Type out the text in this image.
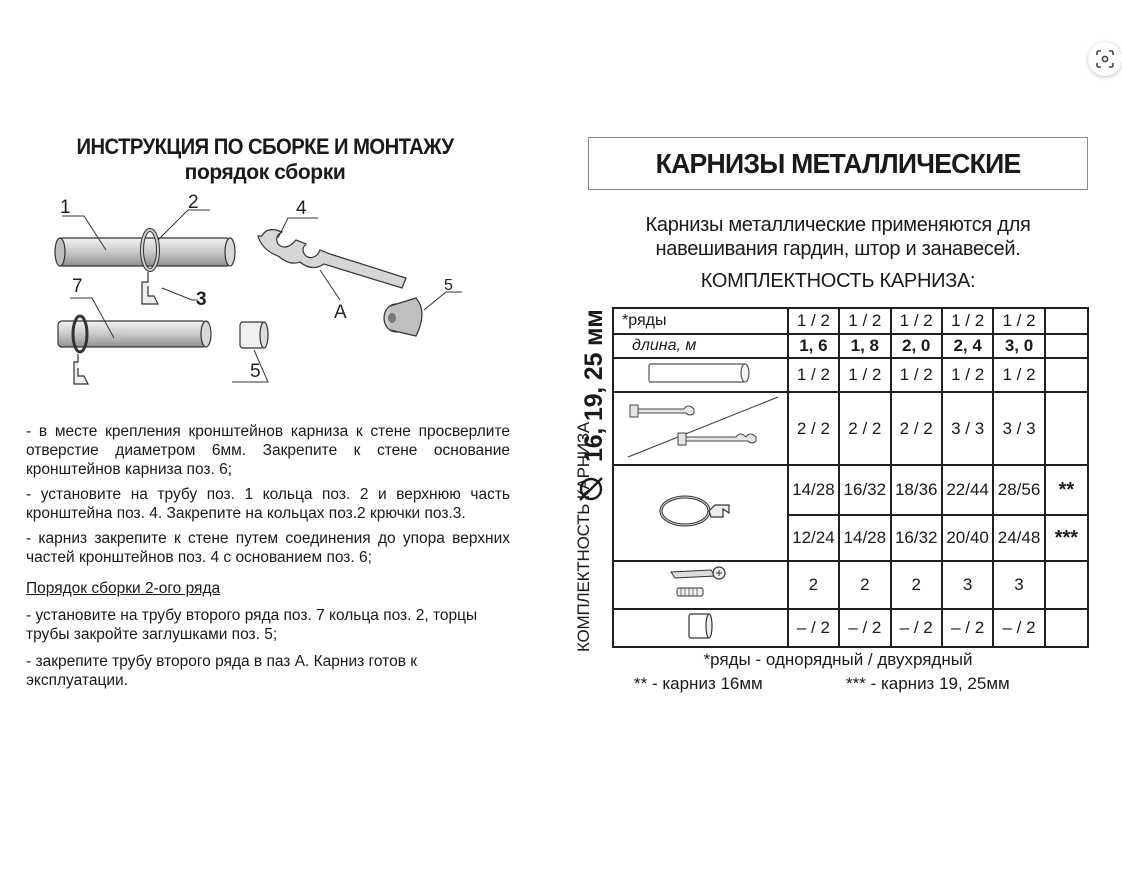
ИНСТРУКЦИЯ ПО СБОРКЕ И МОНТАЖУ
порядок сборки
1	2
3
4
А
5
7
5

- в месте крепления кронштейнов карниза к стене просверлите отверстие диаметром 6мм. Закрепите к стене основание кронштейнов карниза поз. 6;

- установите на трубу поз. 1 кольца поз. 2 и верхнюю часть кронштейна поз. 4. Закрепите на кольцах поз.2 крючки поз.3.

- карниз закрепите к стене путем соединения до упора верхних частей кронштейнов поз. 4 с основанием поз. 6;

Порядок сборки 2-ого ряда

- установите на трубу второго ряда поз. 7 кольца поз. 2, торцы трубы закройте заглушками поз. 5;

- закрепите трубу второго ряда в паз А. Карниз готов к эксплуатации.

КАРНИЗЫ МЕТАЛЛИЧЕСКИЕ
Карнизы металлические применяются для навешивания гардин, штор и занавесей.
КОМПЛЕКТНОСТЬ КАРНИЗА:
КОМПЛЕКТНОСТЬ КАРНИЗА
16, 19, 25 мм *ряды	1 / 2	1 / 2	1 / 2	1 / 2	1 / 2	
длина, м	1, 6	1, 8	2, 0	2, 4	3, 0	
	1 / 2	1 / 2	1 / 2	1 / 2	1 / 2	
	2 / 2	2 / 2	2 / 2	3 / 3	3 / 3	
	14/28	16/32	18/36	22/44	28/56	**
	12/24	14/28	16/32	20/40	24/48	***
	2	2	2	3	3	
	– / 2	– / 2	– / 2	– / 2	– / 2	
*ряды - однорядный / двухрядный
** - карниз 16мм	*** - карниз 19, 25мм
